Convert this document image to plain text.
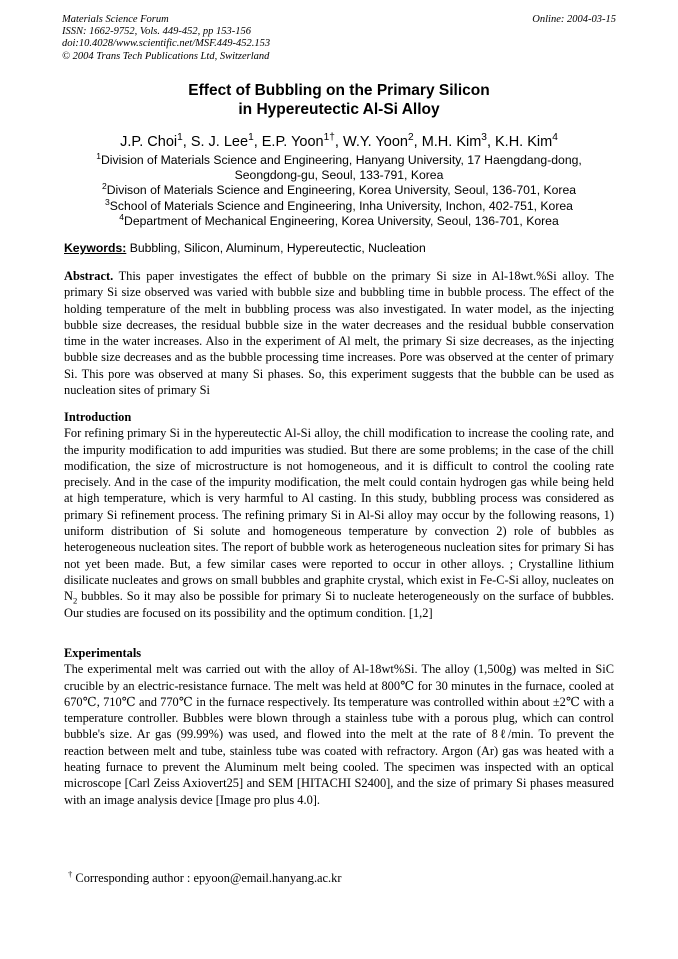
Materials Science Forum
ISSN: 1662-9752, Vols. 449-452, pp 153-156
doi:10.4028/www.scientific.net/MSF.449-452.153
© 2004 Trans Tech Publications Ltd, Switzerland
Online: 2004-03-15
Effect of Bubbling on the Primary Silicon
in Hypereutectic Al-Si Alloy
J.P. Choi$^1$, S. J. Lee$^1$, E.P. Yoon$^{1\dagger}$, W.Y. Yoon$^2$, M.H. Kim$^3$, K.H. Kim$^4$
$^1$Division of Materials Science and Engineering, Hanyang University, 17 Haengdang-dong,
Seongdong-gu, Seoul, 133-791, Korea
$^2$Divison of Materials Science and Engineering, Korea University, Seoul, 136-701, Korea
$^3$School of Materials Science and Engineering, Inha University, Inchon, 402-751, Korea
$^4$Department of Mechanical Engineering, Korea University, Seoul, 136-701, Korea
Keywords: Bubbling, Silicon, Aluminum, Hypereutectic, Nucleation
Abstract. This paper investigates the effect of bubble on the primary Si size in Al-18wt.%Si alloy. The primary Si size observed was varied with bubble size and bubbling time in bubble process. The effect of the holding temperature of the melt in bubbling process was also investigated. In water model, as the injecting bubble size decreases, the residual bubble size in the water decreases and the residual bubble conservation time in the water increases. Also in the experiment of Al melt, the primary Si size decreases, as the injecting bubble size decreases and as the bubble processing time increases. Pore was observed at the center of primary Si. This pore was observed at many Si phases. So, this experiment suggests that the bubble can be used as nucleation sites of primary Si
Introduction
For refining primary Si in the hypereutectic Al-Si alloy, the chill modification to increase the cooling rate, and the impurity modification to add impurities was studied. But there are some problems; in the case of the chill modification, the size of microstructure is not homogeneous, and it is difficult to control the cooling rate precisely. And in the case of the impurity modification, the melt could contain hydrogen gas while being held at high temperature, which is very harmful to Al casting. In this study, bubbling process was considered as primary Si refinement process. The refining primary Si in Al-Si alloy may occur by the following reasons, 1) uniform distribution of Si solute and homogeneous temperature by convection 2) role of bubbles as heterogeneous nucleation sites. The report of bubble work as heterogeneous nucleation sites for primary Si has not yet been made. But, a few similar cases were reported to occur in other alloys. ; Crystalline lithium disilicate nucleates and grows on small bubbles and graphite crystal, which exist in Fe-C-Si alloy, nucleates on $N_2$ bubbles. So it may also be possible for primary Si to nucleate heterogeneously on the surface of bubbles. Our studies are focused on its possibility and the optimum condition. [1,2]
Experimentals
The experimental melt was carried out with the alloy of Al-18wt%Si. The alloy (1,500g) was melted in SiC crucible by an electric-resistance furnace. The melt was held at 800℃ for 30 minutes in the furnace, cooled at 670℃, 710℃ and 770℃ in the furnace respectively. Its temperature was controlled within about ±2℃ with a temperature controller. Bubbles were blown through a stainless tube with a porous plug, which can control bubble's size. Ar gas (99.99%) was used, and flowed into the melt at the rate of 8ℓ/min. To prevent the reaction between melt and tube, stainless tube was coated with refractory. Argon (Ar) gas was heated with a heating furnace to prevent the Aluminum melt being cooled. The specimen was inspected with an optical microscope [Carl Zeiss Axiovert25] and SEM [HITACHI S2400], and the size of primary Si phases measured with an image analysis device [Image pro plus 4.0].
† Corresponding author : epyoon@email.hanyang.ac.kr
